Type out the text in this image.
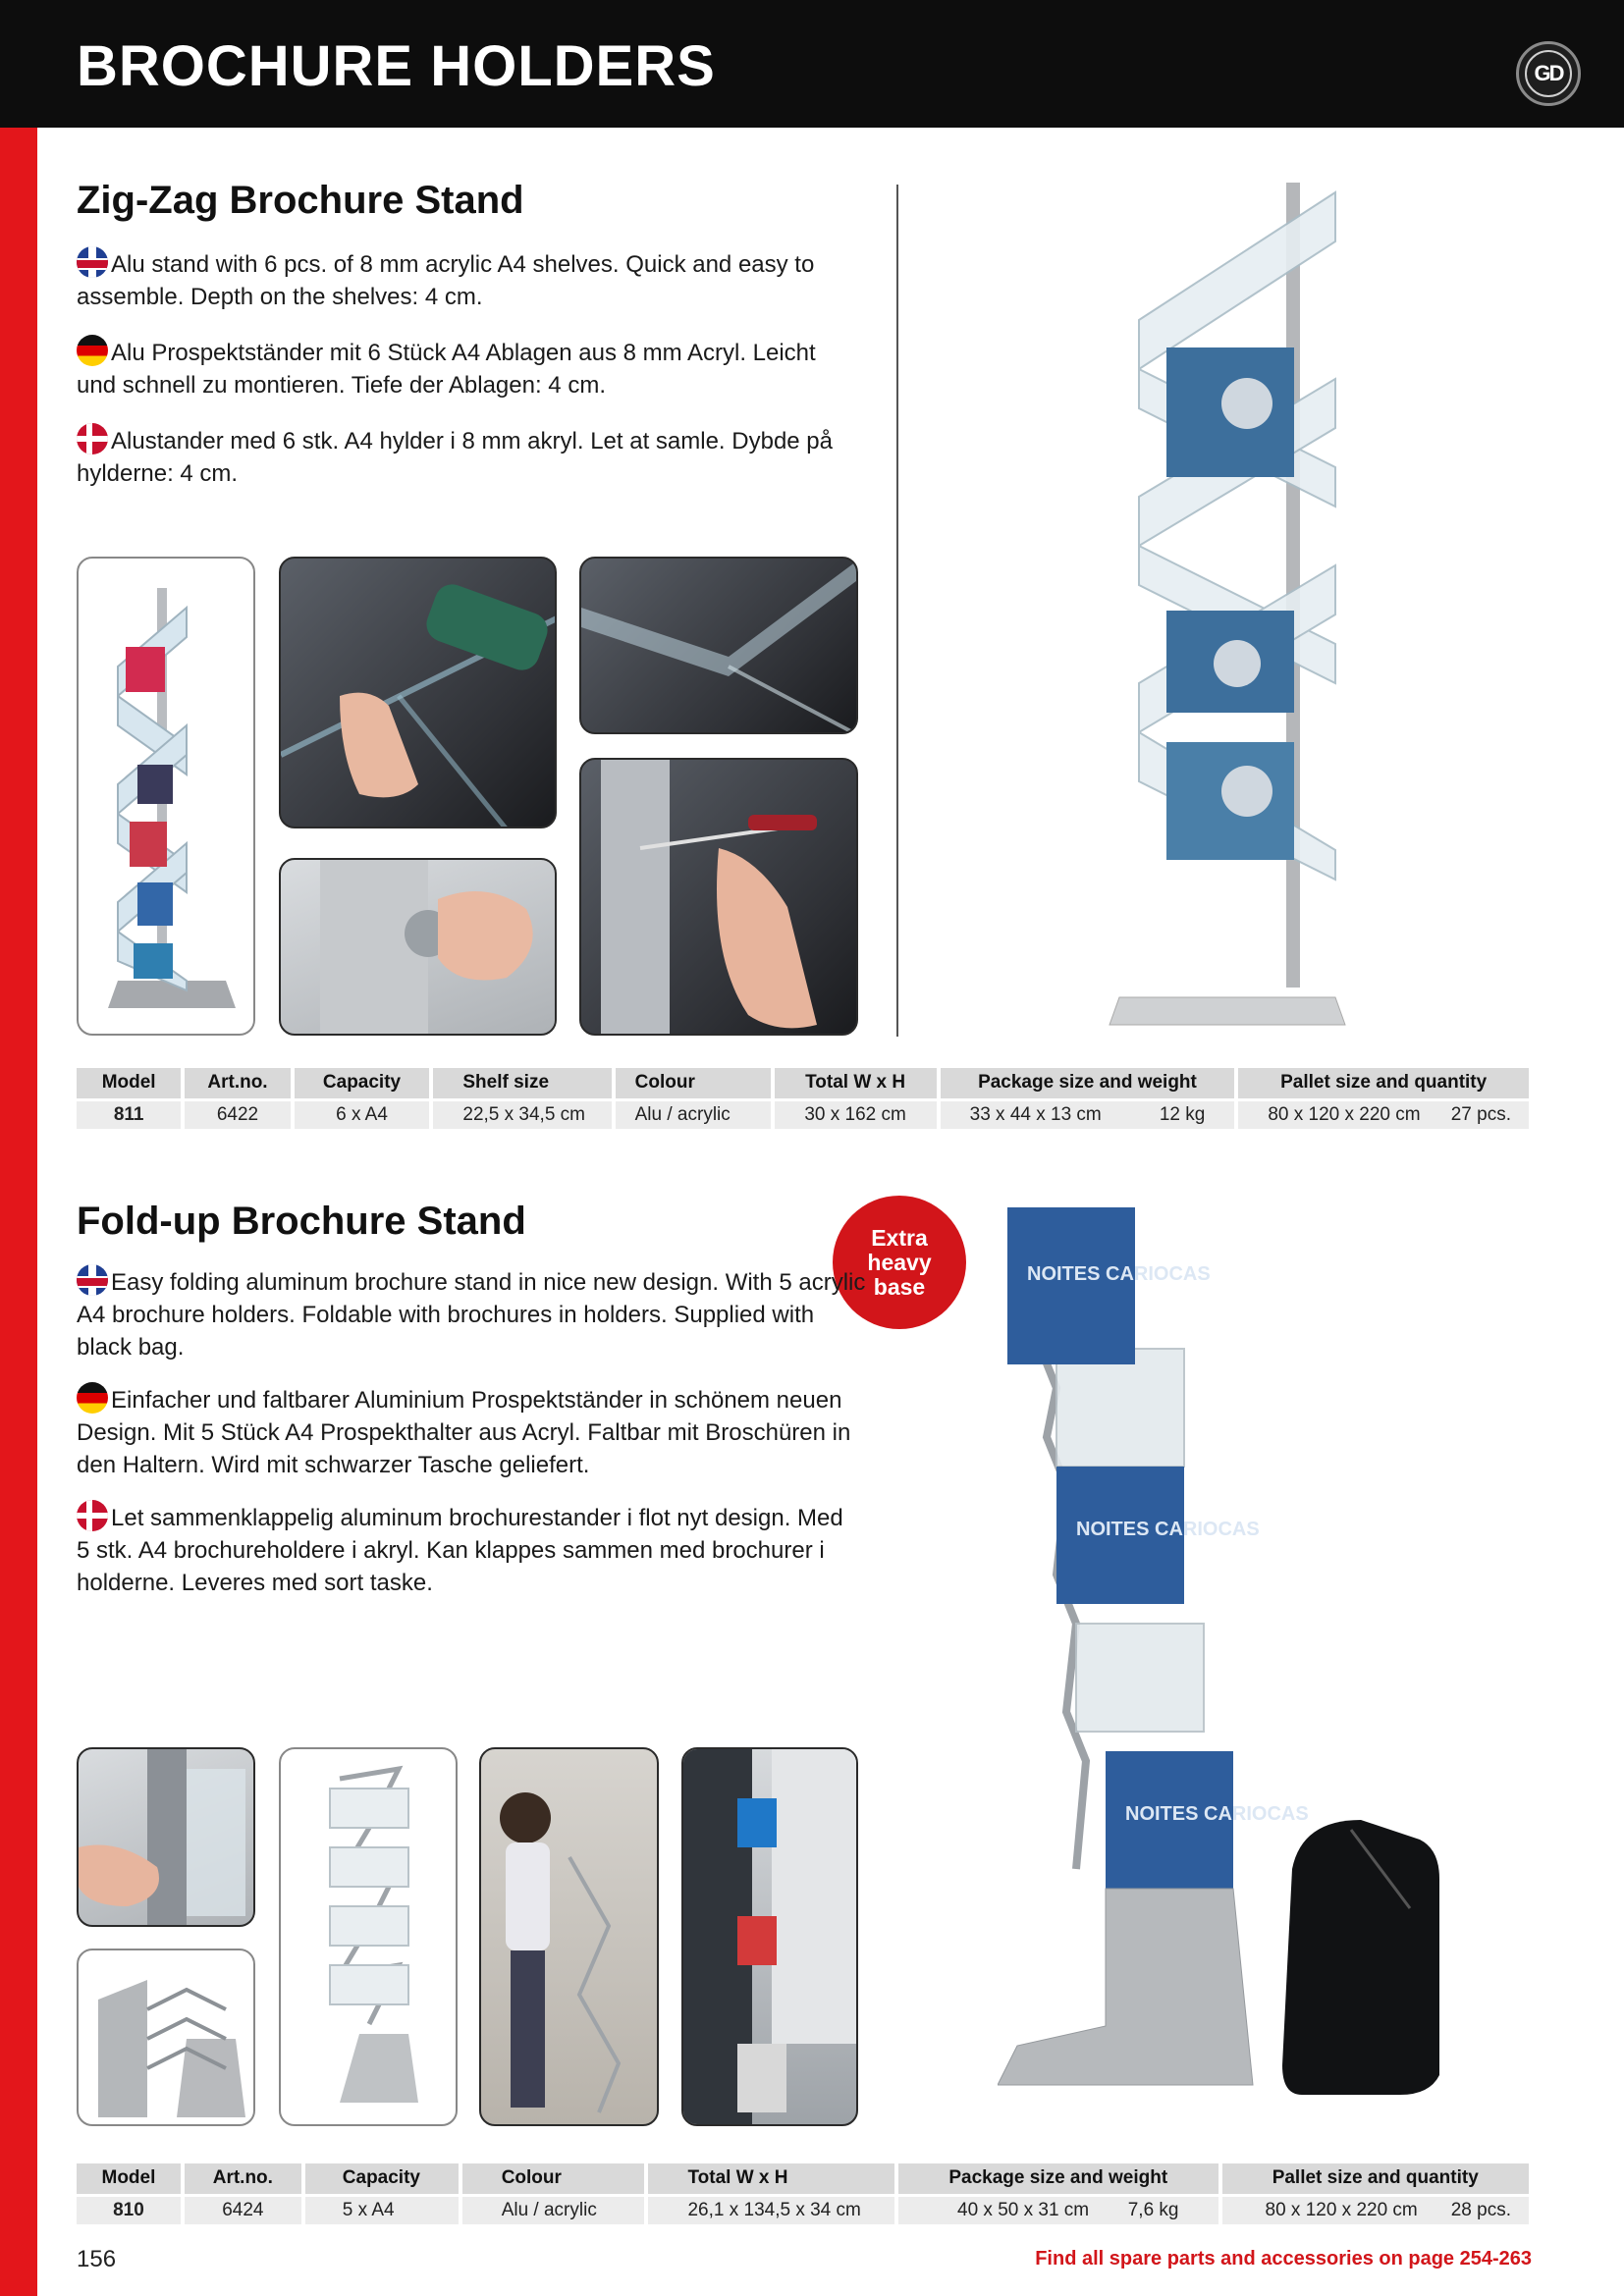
BROCHURE HOLDERS	GD
Zig-Zag Brochure Stand
Alu stand with 6 pcs. of 8 mm acrylic A4 shelves. Quick and easy to assemble. Depth on the shelves: 4 cm.
Alu Prospektständer mit 6 Stück A4 Ablagen aus 8 mm Acryl. Leicht und schnell zu montieren. Tiefe der Ablagen: 4 cm.
Alustander med 6 stk. A4 hylder i 8 mm akryl. Let at samle. Dybde på hylderne: 4 cm.
Model	Art.no.	Capacity	Shelf size	Colour	Total W x H	Package size and weight	Pallet size and quantity
811	6422	6 x A4	22,5 x 34,5 cm	Alu / acrylic	30 x 162 cm	33 x 44 x 13 cm 12 kg	80 x 120 x 220 cm 27 pcs.
Fold-up Brochure Stand	Extra heavy base
Easy folding aluminum brochure stand in nice new design. With 5 acrylic A4 brochure holders. Foldable with brochures in holders. Supplied with black bag.
Einfacher und faltbarer Aluminium Prospektständer in schönem neuen Design. Mit 5 Stück A4 Prospekthalter aus Acryl. Faltbar mit Broschüren in den Haltern. Wird mit schwarzer Tasche geliefert.
Let sammenklappelig aluminum brochurestander i flot nyt design. Med 5 stk. A4 brochureholdere i akryl. Kan klappes sammen med brochurer i holderne. Leveres med sort taske.
NOITES CARIOCAS
NOITES CARIOCAS
NOITES CARIOCAS
Model	Art.no.	Capacity	Colour	Total W x H	Package size and weight	Pallet size and quantity
810	6424	5 x A4	Alu / acrylic	26,1 x 134,5 x 34 cm	40 x 50 x 31 cm 7,6 kg	80 x 120 x 220 cm 28 pcs.
156	Find all spare parts and accessories on page 254-263
